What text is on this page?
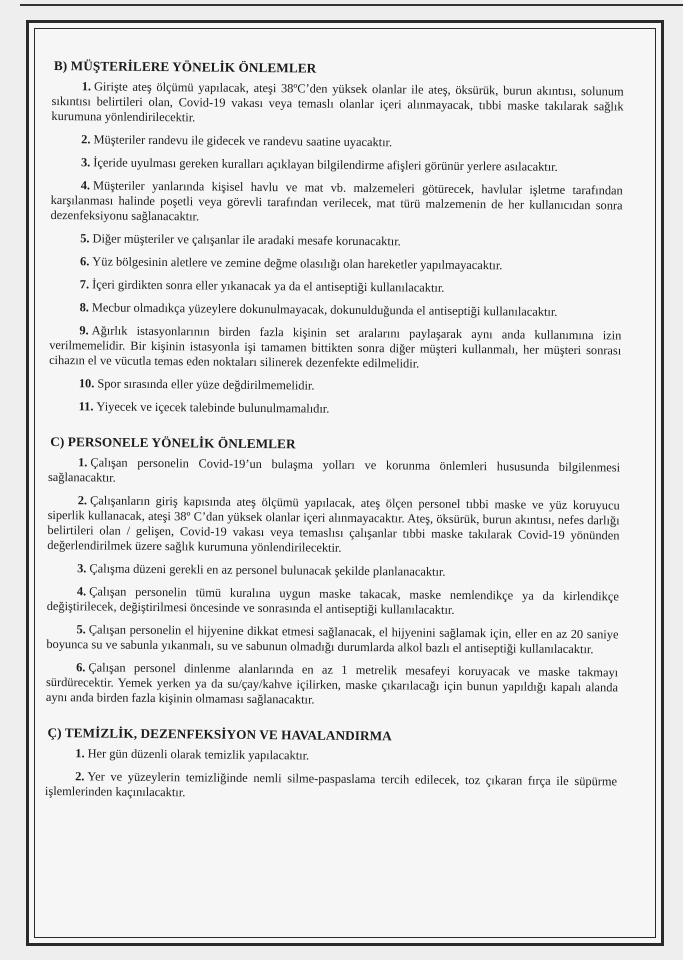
B) MÜŞTERİLERE YÖNELİK ÖNLEMLER
1. Girişte ateş ölçümü yapılacak, ateşi 38ºC’den yüksek olanlar ile ateş, öksürük, burun akıntısı, solunum sıkıntısı belirtileri olan, Covid-19 vakası veya temaslı olanlar içeri alınmayacak, tıbbi maske takılarak sağlık kurumuna yönlendirilecektir.
2. Müşteriler randevu ile gidecek ve randevu saatine uyacaktır.
3. İçeride uyulması gereken kuralları açıklayan bilgilendirme afişleri görünür yerlere asılacaktır.
4. Müşteriler yanlarında kişisel havlu ve mat vb. malzemeleri götürecek, havlular işletme tarafından karşılanması halinde poşetli veya görevli tarafından verilecek, mat türü malzemenin de her kullanıcıdan sonra dezenfeksiyonu sağlanacaktır.
5. Diğer müşteriler ve çalışanlar ile aradaki mesafe korunacaktır.
6. Yüz bölgesinin aletlere ve zemine değme olasılığı olan hareketler yapılmayacaktır.
7. İçeri girdikten sonra eller yıkanacak ya da el antiseptiği kullanılacaktır.
8. Mecbur olmadıkça yüzeylere dokunulmayacak, dokunulduğunda el antiseptiği kullanılacaktır.
9. Ağırlık istasyonlarının birden fazla kişinin set aralarını paylaşarak aynı anda kullanımına izin verilmemelidir. Bir kişinin istasyonla işi tamamen bittikten sonra diğer müşteri kullanmalı, her müşteri sonrası cihazın el ve vücutla temas eden noktaları silinerek dezenfekte edilmelidir.
10. Spor sırasında eller yüze değdirilmemelidir.
11. Yiyecek ve içecek talebinde bulunulmamalıdır.
C) PERSONELE YÖNELİK ÖNLEMLER
1. Çalışan personelin Covid-19’un bulaşma yolları ve korunma önlemleri hususunda bilgilenmesi sağlanacaktır.
2. Çalışanların giriş kapısında ateş ölçümü yapılacak, ateş ölçen personel tıbbi maske ve yüz koruyucu siperlik kullanacak, ateşi 38º C’dan yüksek olanlar içeri alınmayacaktır. Ateş, öksürük, burun akıntısı, nefes darlığı belirtileri olan / gelişen, Covid-19 vakası veya temaslısı çalışanlar tıbbi maske takılarak Covid-19 yönünden değerlendirilmek üzere sağlık kurumuna yönlendirilecektir.
3. Çalışma düzeni gerekli en az personel bulunacak şekilde planlanacaktır.
4. Çalışan personelin tümü kuralına uygun maske takacak, maske nemlendikçe ya da kirlendikçe değiştirilecek, değiştirilmesi öncesinde ve sonrasında el antiseptiği kullanılacaktır.
5. Çalışan personelin el hijyenine dikkat etmesi sağlanacak, el hijyenini sağlamak için, eller en az 20 saniye boyunca su ve sabunla yıkanmalı, su ve sabunun olmadığı durumlarda alkol bazlı el antiseptiği kullanılacaktır.
6. Çalışan personel dinlenme alanlarında en az 1 metrelik mesafeyi koruyacak ve maske takmayı sürdürecektir. Yemek yerken ya da su/çay/kahve içilirken, maske çıkarılacağı için bunun yapıldığı kapalı alanda aynı anda birden fazla kişinin olmaması sağlanacaktır.
Ç) TEMİZLİK, DEZENFEKSİYON VE HAVALANDIRMA
1. Her gün düzenli olarak temizlik yapılacaktır.
2. Yer ve yüzeylerin temizliğinde nemli silme-paspaslama tercih edilecek, toz çıkaran fırça ile süpürme işlemlerinden kaçınılacaktır.
